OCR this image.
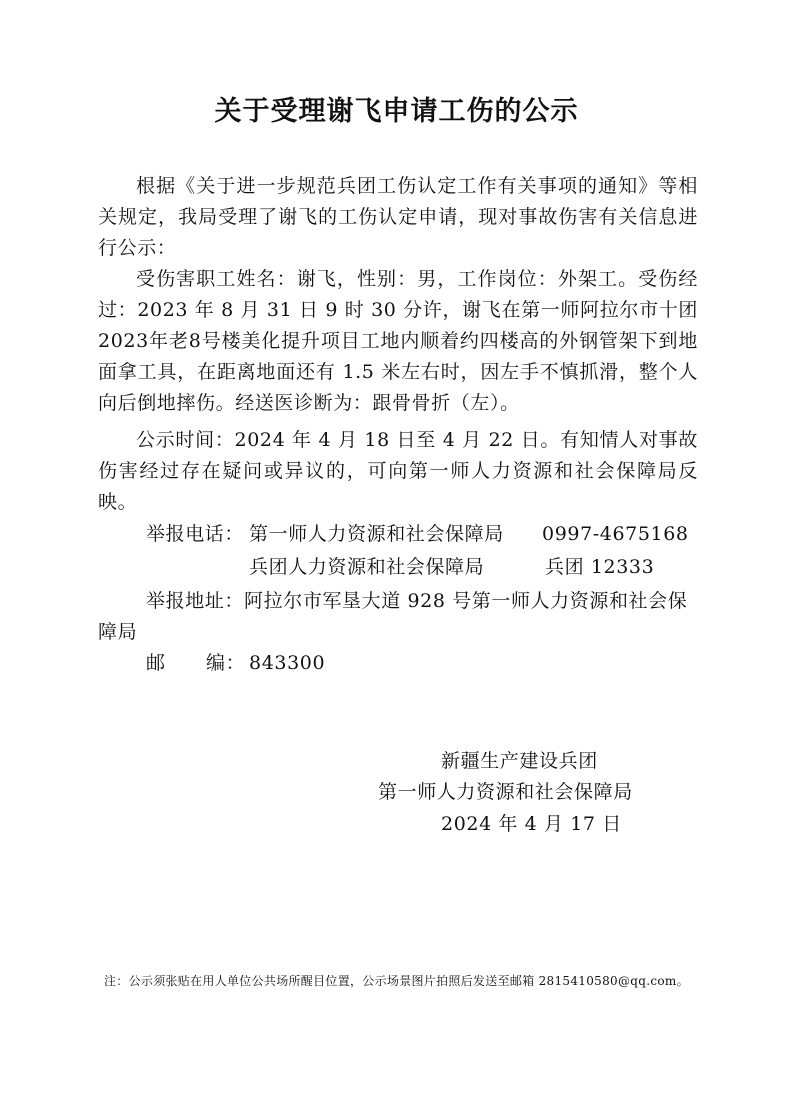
关于受理谢飞申请工伤的公示

根据《关于进一步规范兵团工伤认定工作有关事项的通知》等相关规定，我局受理了谢飞的工伤认定申请，现对事故伤害有关信息进行公示：

受伤害职工姓名：谢飞，性别：男，工作岗位：外架工。受伤经过：2023 年 8 月 31 日 9 时 30 分许，谢飞在第一师阿拉尔市十团2023年老8号楼美化提升项目工地内顺着约四楼高的外钢管架下到地面拿工具，在距离地面还有 1.5 米左右时，因左手不慎抓滑，整个人向后倒地摔伤。经送医诊断为：跟骨骨折（左）。

公示时间：2024 年 4 月 18 日至 4 月 22 日。有知情人对事故伤害经过存在疑问或异议的，可向第一师人力资源和社会保障局反映。

举报电话： 第一师人力资源和社会保障局 0997-4675168
兵团人力资源和社会保障局	兵团 12333
举报地址：阿拉尔市军垦大道 928 号第一师人力资源和社会保障局
邮 编： 843300
新疆生产建设兵团
第一师人力资源和社会保障局
2024 年 4 月 17 日
注：公示须张贴在用人单位公共场所醒目位置，公示场景图片拍照后发送至邮箱 2815410580@qq.com。
